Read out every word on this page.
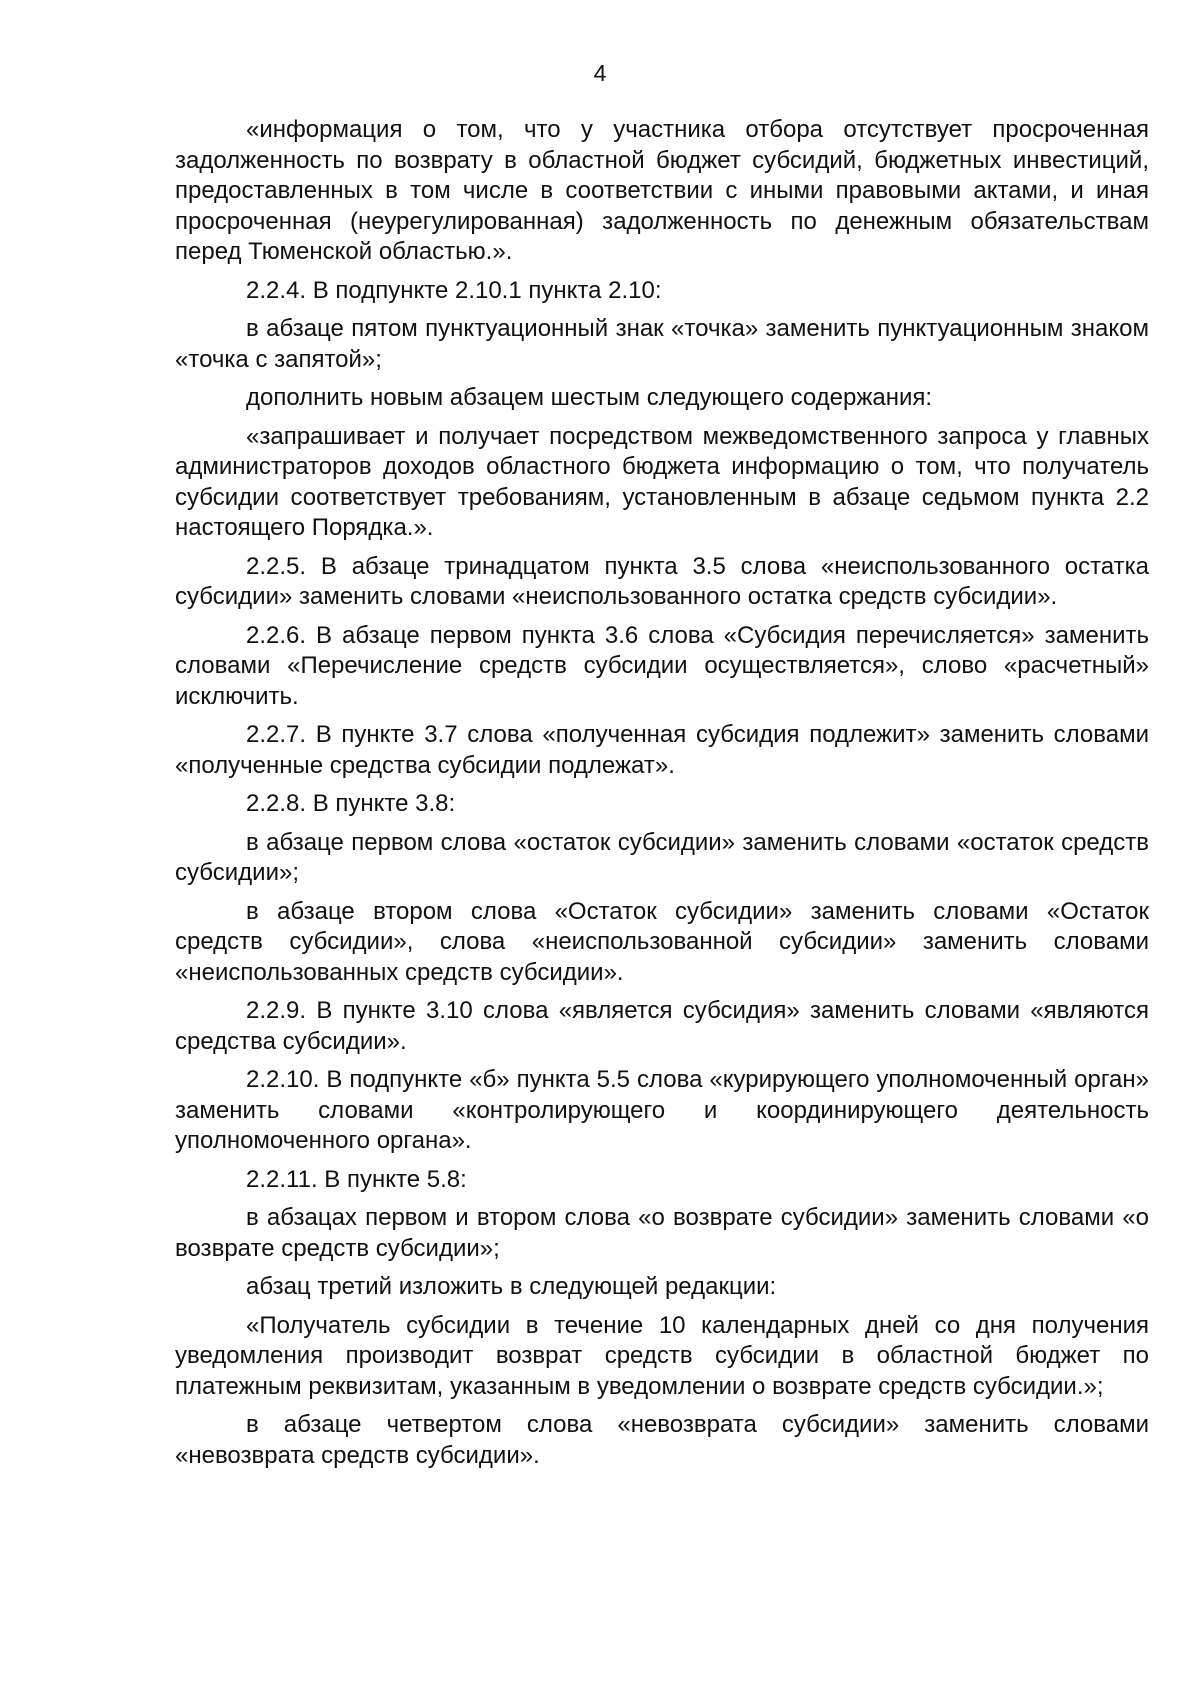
4

«информация о том, что у участника отбора отсутствует просроченная задолженность по возврату в областной бюджет субсидий, бюджетных инвестиций, предоставленных в том числе в соответствии с иными правовыми актами, и иная просроченная (неурегулированная) задолженность по денежным обязательствам перед Тюменской областью.».

2.2.4. В подпункте 2.10.1 пункта 2.10:

в абзаце пятом пунктуационный знак «точка» заменить пунктуационным знаком «точка с запятой»;

дополнить новым абзацем шестым следующего содержания:

«запрашивает и получает посредством межведомственного запроса у главных администраторов доходов областного бюджета информацию о том, что получатель субсидии соответствует требованиям, установленным в абзаце седьмом пункта 2.2 настоящего Порядка.».

2.2.5. В абзаце тринадцатом пункта 3.5 слова «неиспользованного остатка субсидии» заменить словами «неиспользованного остатка средств субсидии».

2.2.6. В абзаце первом пункта 3.6 слова «Субсидия перечисляется» заменить словами «Перечисление средств субсидии осуществляется», слово «расчетный» исключить.

2.2.7. В пункте 3.7 слова «полученная субсидия подлежит» заменить словами «полученные средства субсидии подлежат».

2.2.8. В пункте 3.8:

в абзаце первом слова «остаток субсидии» заменить словами «остаток средств субсидии»;

в абзаце втором слова «Остаток субсидии» заменить словами «Остаток средств субсидии», слова «неиспользованной субсидии» заменить словами «неиспользованных средств субсидии».

2.2.9. В пункте 3.10 слова «является субсидия» заменить словами «являются средства субсидии».

2.2.10. В подпункте «б» пункта 5.5 слова «курирующего уполномоченный орган» заменить словами «контролирующего и координирующего деятельность уполномоченного органа».

2.2.11. В пункте 5.8:

в абзацах первом и втором слова «о возврате субсидии» заменить словами «о возврате средств субсидии»;

абзац третий изложить в следующей редакции:

«Получатель субсидии в течение 10 календарных дней со дня получения уведомления производит возврат средств субсидии в областной бюджет по платежным реквизитам, указанным в уведомлении о возврате средств субсидии.»;

в абзаце четвертом слова «невозврата субсидии» заменить словами «невозврата средств субсидии».
